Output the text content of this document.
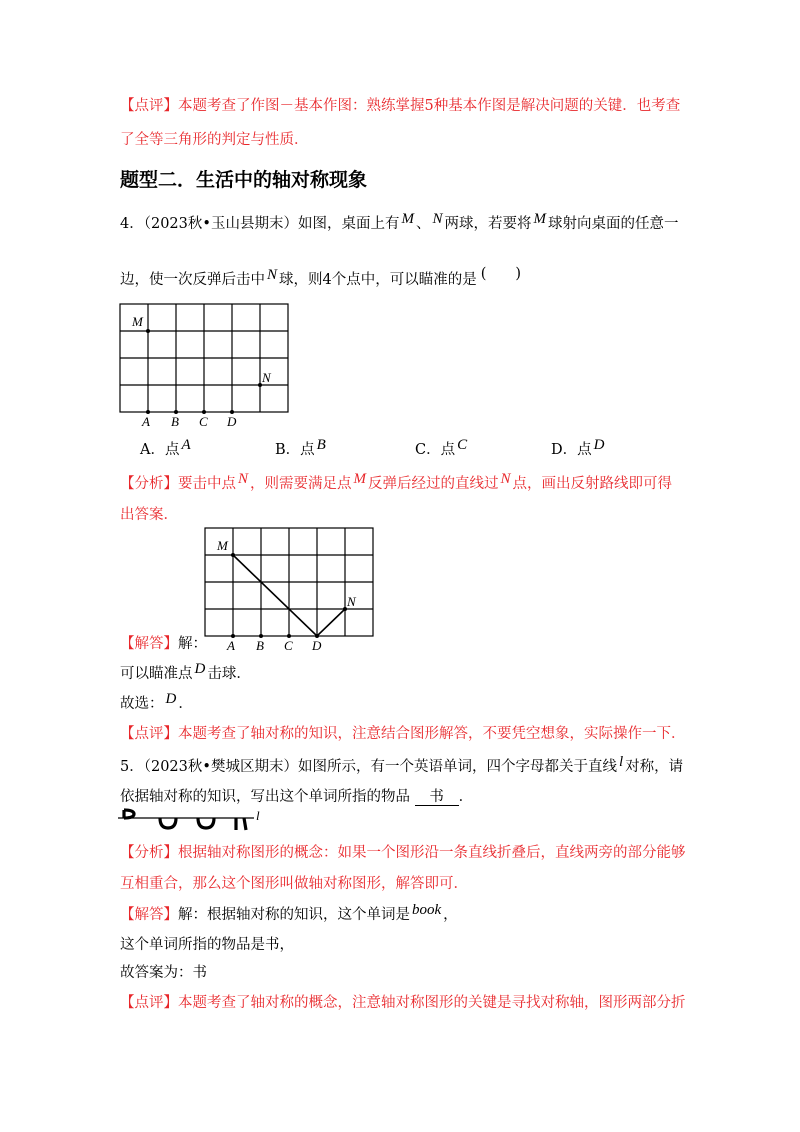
【点评】本题考查了作图－基本作图：熟练掌握5种基本作图是解决问题的关键．也考查
了全等三角形的判定与性质．
题型二．生活中的轴对称现象
4．（2023秋•玉山县期末）如图，桌面上有 M 、 N 两球，若要将 M 球射向桌面的任意一
边，使一次反弹后击中 N 球，则4个点中，可以瞄准的是 (　　)
M
N
A B C D
A．点 A	B．点 B	C．点 C	D．点 D
【分析】要击中点 N ，则需要满足点 M 反弹后经过的直线过 N 点，画出反射路线即可得
出答案．
M
N
A B C D
【解答】解：
可以瞄准点 D 击球．
故选： D ．
【点评】本题考查了轴对称的知识，注意结合图形解答，不要凭空想象，实际操作一下．
5．（2023秋•樊城区期末）如图所示，有一个英语单词，四个字母都关于直线 l 对称，请
依据轴对称的知识，写出这个单词所指的物品 书 ．
l
【分析】根据轴对称图形的概念：如果一个图形沿一条直线折叠后，直线两旁的部分能够
互相重合，那么这个图形叫做轴对称图形，解答即可．
【解答】解：根据轴对称的知识，这个单词是 book ，
这个单词所指的物品是书，
故答案为：书
【点评】本题考查了轴对称的概念，注意轴对称图形的关键是寻找对称轴，图形两部分折
